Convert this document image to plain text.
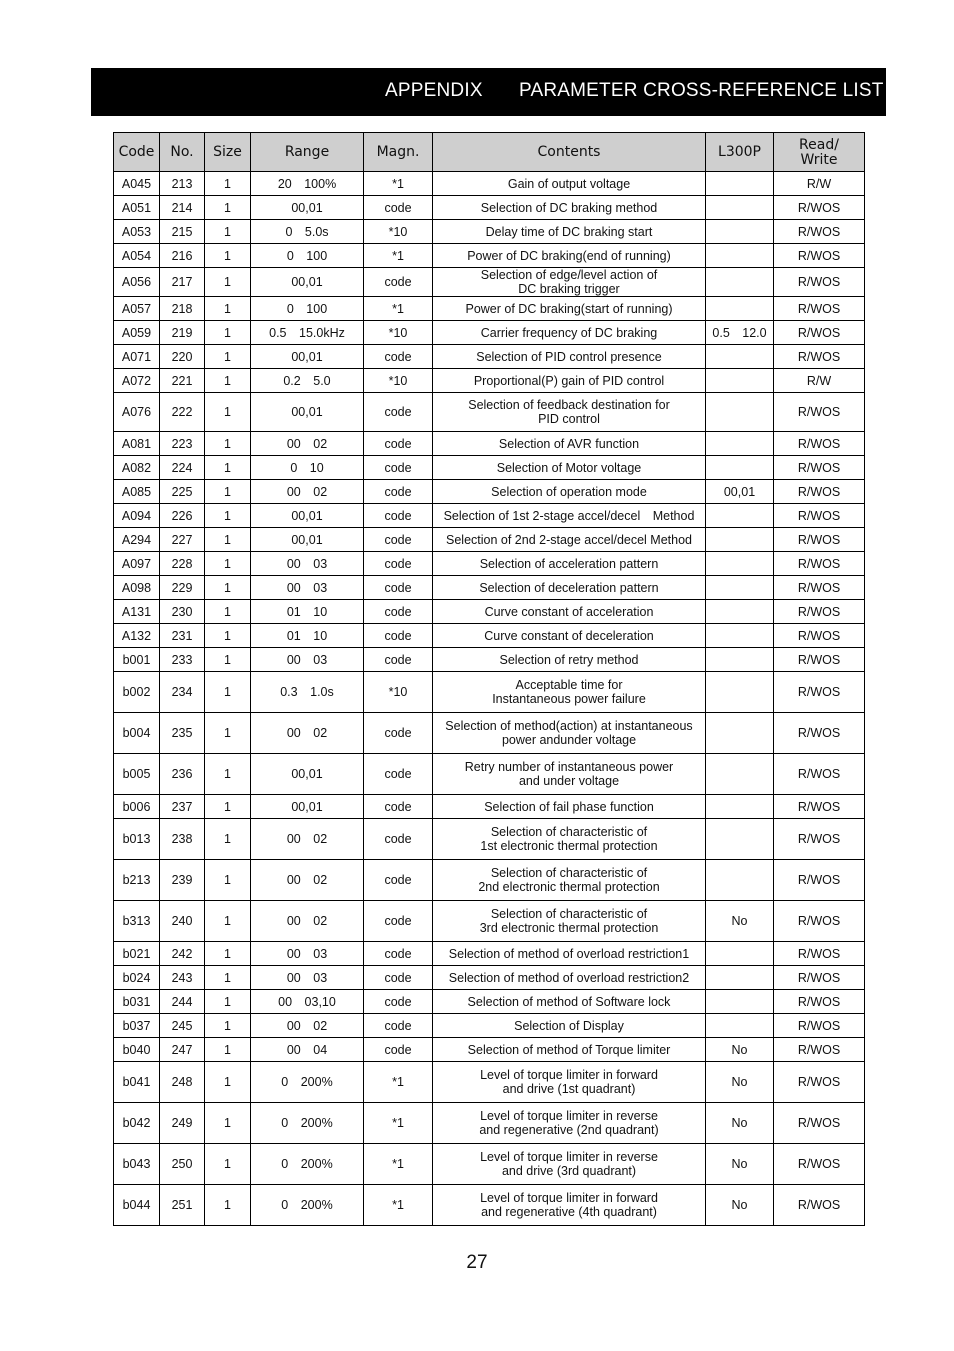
APPENDIX PARAMETER CROSS-REFERENCE LIST
Code	No.	Size	Range	Magn.	Contents	L300P	Read/
Write
A045	213	1	20　100%	*1	Gain of output voltage		R/W
A051	214	1	00,01	code	Selection of DC braking method		R/WOS
A053	215	1	0　5.0s	*10	Delay time of DC braking start		R/WOS
A054	216	1	0　100	*1	Power of DC braking(end of running)		R/WOS
A056	217	1	00,01	code	Selection of edge/level action of
DC braking trigger		R/WOS
A057	218	1	0　100	*1	Power of DC braking(start of running)		R/WOS
A059	219	1	0.5　15.0kHz	*10	Carrier frequency of DC braking	0.5　12.0	R/WOS
A071	220	1	00,01	code	Selection of PID control presence		R/WOS
A072	221	1	0.2　5.0	*10	Proportional(P) gain of PID control		R/W
A076	222	1	00,01	code	Selection of feedback destination for
PID control		R/WOS
A081	223	1	00　02	code	Selection of AVR function		R/WOS
A082	224	1	0　10	code	Selection of Motor voltage		R/WOS
A085	225	1	00　02	code	Selection of operation mode	00,01	R/WOS
A094	226	1	00,01	code	Selection of 1st 2-stage accel/decel　Method		R/WOS
A294	227	1	00,01	code	Selection of 2nd 2-stage accel/decel Method		R/WOS
A097	228	1	00　03	code	Selection of acceleration pattern		R/WOS
A098	229	1	00　03	code	Selection of deceleration pattern		R/WOS
A131	230	1	01　10	code	Curve constant of acceleration		R/WOS
A132	231	1	01　10	code	Curve constant of deceleration		R/WOS
b001	233	1	00　03	code	Selection of retry method		R/WOS
b002	234	1	0.3　1.0s	*10	Acceptable time for
Instantaneous power failure		R/WOS
b004	235	1	00　02	code	Selection of method(action) at instantaneous
power andunder voltage		R/WOS
b005	236	1	00,01	code	Retry number of instantaneous power
and under voltage		R/WOS
b006	237	1	00,01	code	Selection of fail phase function		R/WOS
b013	238	1	00　02	code	Selection of characteristic of
1st electronic thermal protection		R/WOS
b213	239	1	00　02	code	Selection of characteristic of
2nd electronic thermal protection		R/WOS
b313	240	1	00　02	code	Selection of characteristic of
3rd electronic thermal protection	No	R/WOS
b021	242	1	00　03	code	Selection of method of overload restriction1		R/WOS
b024	243	1	00　03	code	Selection of method of overload restriction2		R/WOS
b031	244	1	00　03,10	code	Selection of method of Software lock		R/WOS
b037	245	1	00　02	code	Selection of Display		R/WOS
b040	247	1	00　04	code	Selection of method of Torque limiter	No	R/WOS
b041	248	1	0　200%	*1	Level of torque limiter in forward
and drive (1st quadrant)	No	R/WOS
b042	249	1	0　200%	*1	Level of torque limiter in reverse
and regenerative (2nd quadrant)	No	R/WOS
b043	250	1	0　200%	*1	Level of torque limiter in reverse
and drive (3rd quadrant)	No	R/WOS
b044	251	1	0　200%	*1	Level of torque limiter in forward
and regenerative (4th quadrant)	No	R/WOS
27
